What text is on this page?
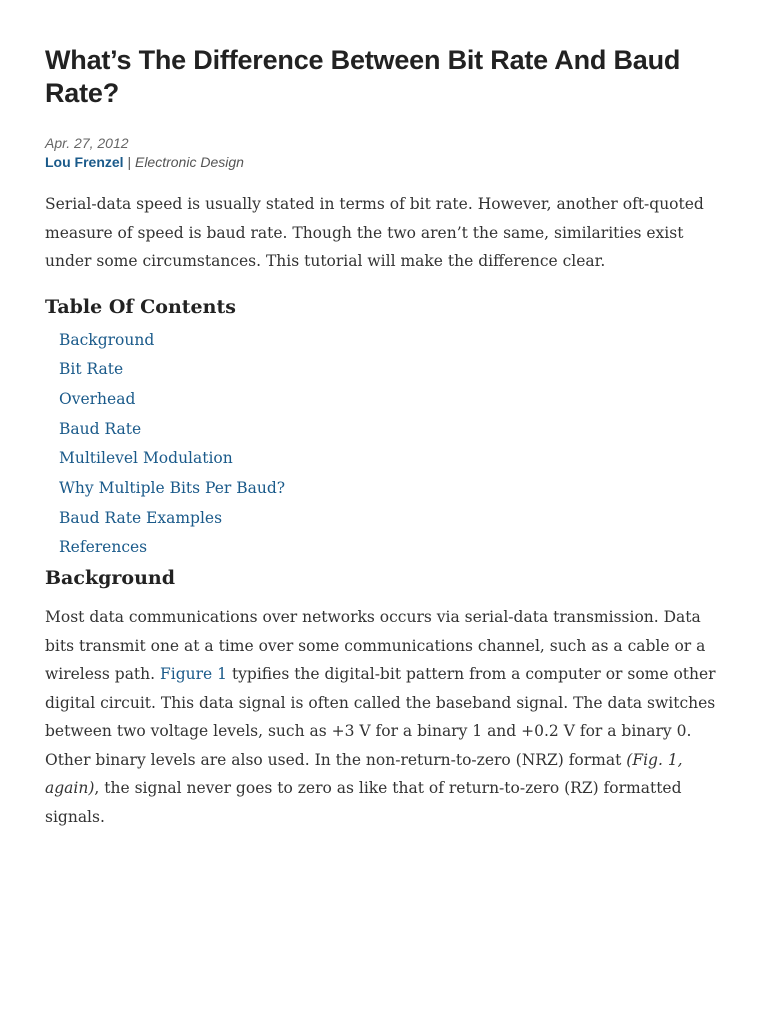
What’s The Difference Between Bit Rate And Baud Rate?

Apr. 27, 2012

Lou Frenzel | Electronic Design

Serial-data speed is usually stated in terms of bit rate. However, another oft-quoted measure of speed is baud rate. Though the two aren’t the same, similarities exist under some circumstances. This tutorial will make the difference clear.

Table Of Contents
Background
Bit Rate
Overhead
Baud Rate
Multilevel Modulation
Why Multiple Bits Per Baud?
Baud Rate Examples
References
Background

Most data communications over networks occurs via serial-data transmission. Data bits transmit one at a time over some communications channel, such as a cable or a wireless path. Figure 1 typifies the digital-bit pattern from a computer or some other digital circuit. This data signal is often called the baseband signal. The data switches between two voltage levels, such as +3 V for a binary 1 and +0.2 V for a binary 0. Other binary levels are also used. In the non-return-to-zero (NRZ) format (Fig. 1, again), the signal never goes to zero as like that of return-to-zero (RZ) formatted signals.
